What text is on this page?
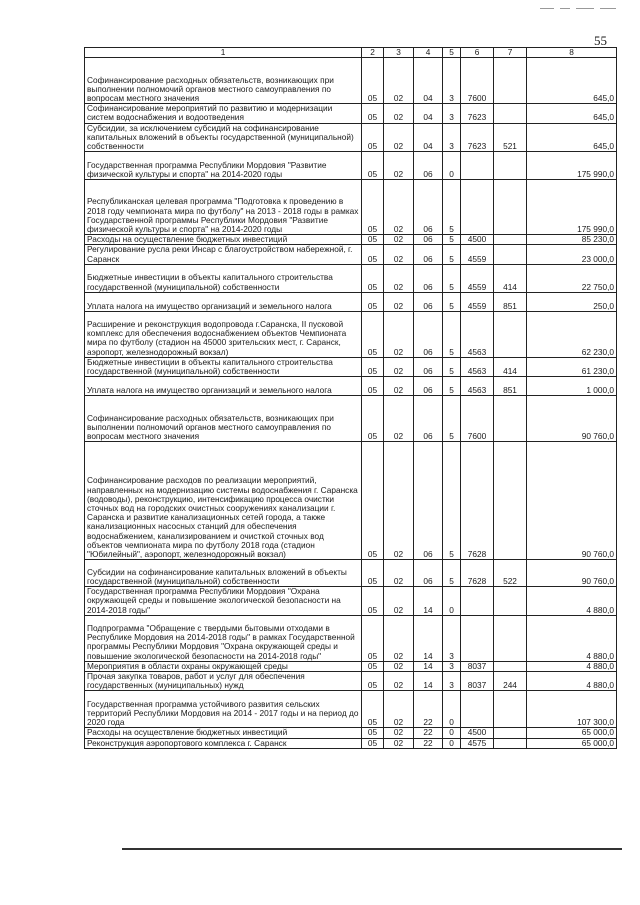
55
1	2	3	4	5	6	7	8
Софинансирование расходных обязательств, возникающих при выполнении полномочий органов местного самоуправления по вопросам местного значения	05	02	04	3	7600		645,0
Софинансирование мероприятий по развитию и модернизации систем водоснабжения и водоотведения	05	02	04	3	7623		645,0
Субсидии, за исключением субсидий на софинансирование капитальных вложений в объекты государственной (муниципальной) собственности	05	02	04	3	7623	521	645,0
Государственная программа Республики Мордовия "Развитие физической культуры и спорта" на 2014-2020 годы	05	02	06	0			175 990,0
Республиканская целевая программа "Подготовка к проведению в 2018 году чемпионата мира по футболу" на 2013 - 2018 годы в рамках Государственной программы Республики Мордовия "Развитие физической культуры и спорта" на 2014-2020 годы	05	02	06	5			175 990,0
Расходы на осуществление бюджетных инвестиций	05	02	06	5	4500		85 230,0
Регулирование русла реки Инсар с благоустройством набережной, г. Саранск	05	02	06	5	4559		23 000,0
Бюджетные инвестиции в объекты капитального строительства государственной (муниципальной) собственности	05	02	06	5	4559	414	22 750,0
Уплата налога на имущество организаций и земельного налога	05	02	06	5	4559	851	250,0
Расширение и реконструкция водопровода г.Саранска, II пусковой комплекс для обеспечения водоснабжением объектов Чемпионата мира по футболу (стадион на 45000 зрительских мест, г. Саранск, аэропорт, железнодорожный вокзал)	05	02	06	5	4563		62 230,0
Бюджетные инвестиции в объекты капитального строительства государственной (муниципальной) собственности	05	02	06	5	4563	414	61 230,0
Уплата налога на имущество организаций и земельного налога	05	02	06	5	4563	851	1 000,0
Софинансирование расходных обязательств, возникающих при выполнении полномочий органов местного самоуправления по вопросам местного значения	05	02	06	5	7600		90 760,0
Софинансирование расходов по реализации мероприятий, направленных на модернизацию системы водоснабжения г. Саранска (водоводы), реконструкцию, интенсификацию процесса очистки сточных вод на городских очистных сооружениях канализации г. Саранска и развитие канализационных сетей города, а также канализационных насосных станций для обеспечения водоснабжением, канализированием и очисткой сточных вод объектов чемпионата мира по футболу 2018 года (стадион "Юбилейный", аэропорт, железнодорожный вокзал)	05	02	06	5	7628		90 760,0
Субсидии на софинансирование капитальных вложений в объекты государственной (муниципальной) собственности	05	02	06	5	7628	522	90 760,0
Государственная программа Республики Мордовия "Охрана окружающей среды и повышение экологической безопасности на 2014-2018 годы"	05	02	14	0			4 880,0
Подпрограмма "Обращение с твердыми бытовыми отходами в Республике Мордовия на 2014-2018 годы" в рамках Государственной программы Республики Мордовия "Охрана окружающей среды и повышение экологической безопасности на 2014-2018 годы"	05	02	14	3			4 880,0
Мероприятия в области охраны окружающей среды	05	02	14	3	8037		4 880,0
Прочая закупка товаров, работ и услуг для обеспечения государственных (муниципальных) нужд	05	02	14	3	8037	244	4 880,0
Государственная программа устойчивого развития сельских территорий Республики Мордовия на 2014 - 2017 годы и на период до 2020 года	05	02	22	0			107 300,0
Расходы на осуществление бюджетных инвестиций	05	02	22	0	4500		65 000,0
Реконструкция аэропортового комплекса г. Саранск	05	02	22	0	4575		65 000,0
